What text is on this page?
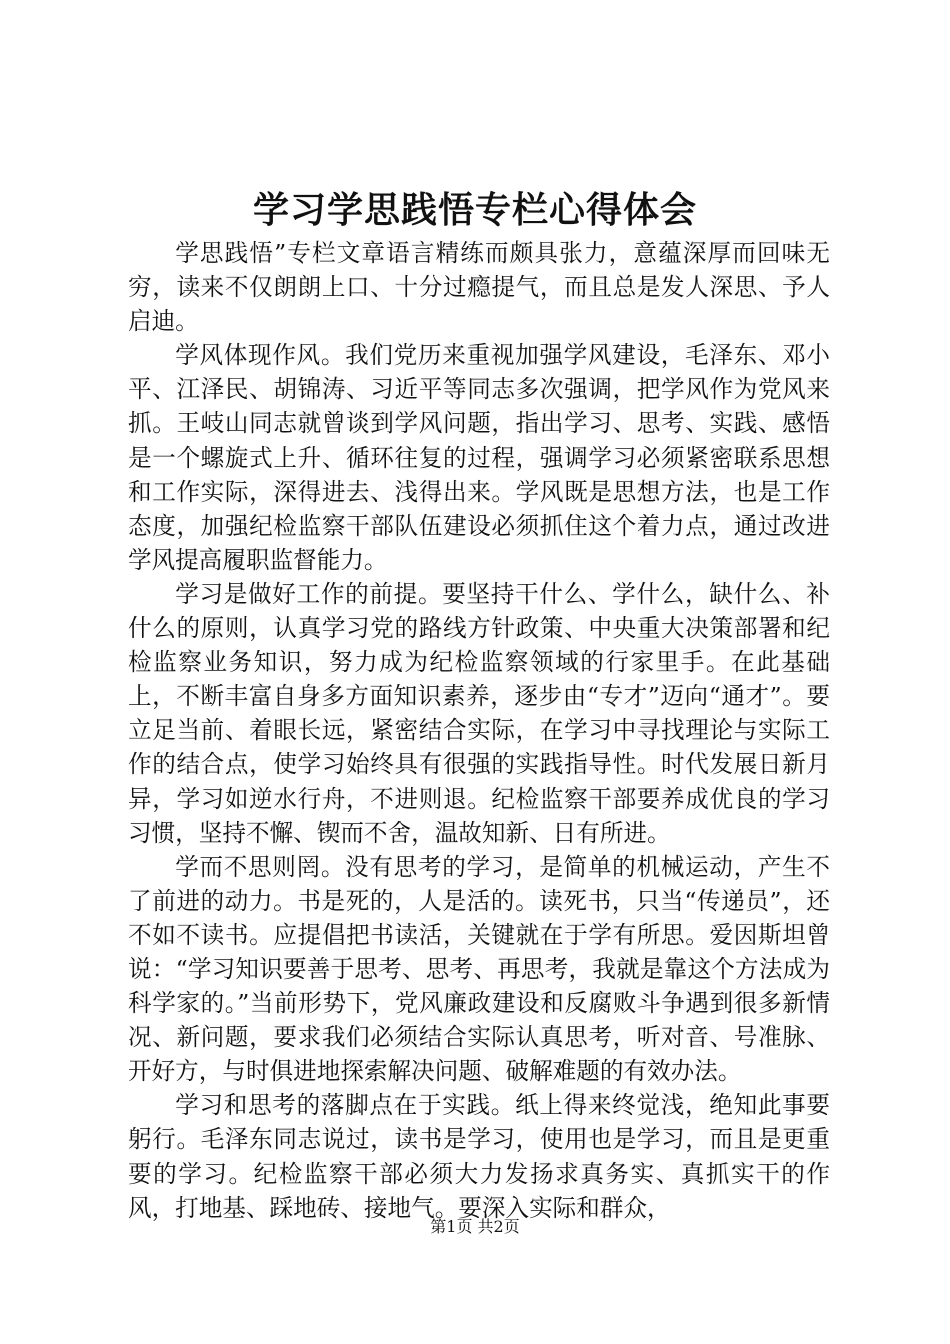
学习学思践悟专栏心得体会

学思践悟”专栏文章语言精练而颇具张力，意蕴深厚而回味无穷，读来不仅朗朗上口、十分过瘾提气，而且总是发人深思、予人启迪。

学风体现作风。我们党历来重视加强学风建设，毛泽东、邓小平、江泽民、胡锦涛、习近平等同志多次强调，把学风作为党风来抓。王岐山同志就曾谈到学风问题，指出学习、思考、实践、感悟是一个螺旋式上升、循环往复的过程，强调学习必须紧密联系思想和工作实际，深得进去、浅得出来。学风既是思想方法，也是工作态度，加强纪检监察干部队伍建设必须抓住这个着力点，通过改进学风提高履职监督能力。

学习是做好工作的前提。要坚持干什么、学什么，缺什么、补什么的原则，认真学习党的路线方针政策、中央重大决策部署和纪检监察业务知识，努力成为纪检监察领域的行家里手。在此基础上，不断丰富自身多方面知识素养，逐步由“专才”迈向“通才”。要立足当前、着眼长远，紧密结合实际，在学习中寻找理论与实际工作的结合点，使学习始终具有很强的实践指导性。时代发展日新月异，学习如逆水行舟，不进则退。纪检监察干部要养成优良的学习习惯，坚持不懈、锲而不舍，温故知新、日有所进。

学而不思则罔。没有思考的学习，是简单的机械运动，产生不了前进的动力。书是死的，人是活的。读死书，只当“传递员”，还不如不读书。应提倡把书读活，关键就在于学有所思。爱因斯坦曾说：“学习知识要善于思考、思考、再思考，我就是靠这个方法成为科学家的。”当前形势下，党风廉政建设和反腐败斗争遇到很多新情况、新问题，要求我们必须结合实际认真思考，听对音、号准脉、开好方，与时俱进地探索解决问题、破解难题的有效办法。

学习和思考的落脚点在于实践。纸上得来终觉浅，绝知此事要躬行。毛泽东同志说过，读书是学习，使用也是学习，而且是更重要的学习。纪检监察干部必须大力发扬求真务实、真抓实干的作风，打地基、踩地砖、接地气。要深入实际和群众，

第1页 共2页
